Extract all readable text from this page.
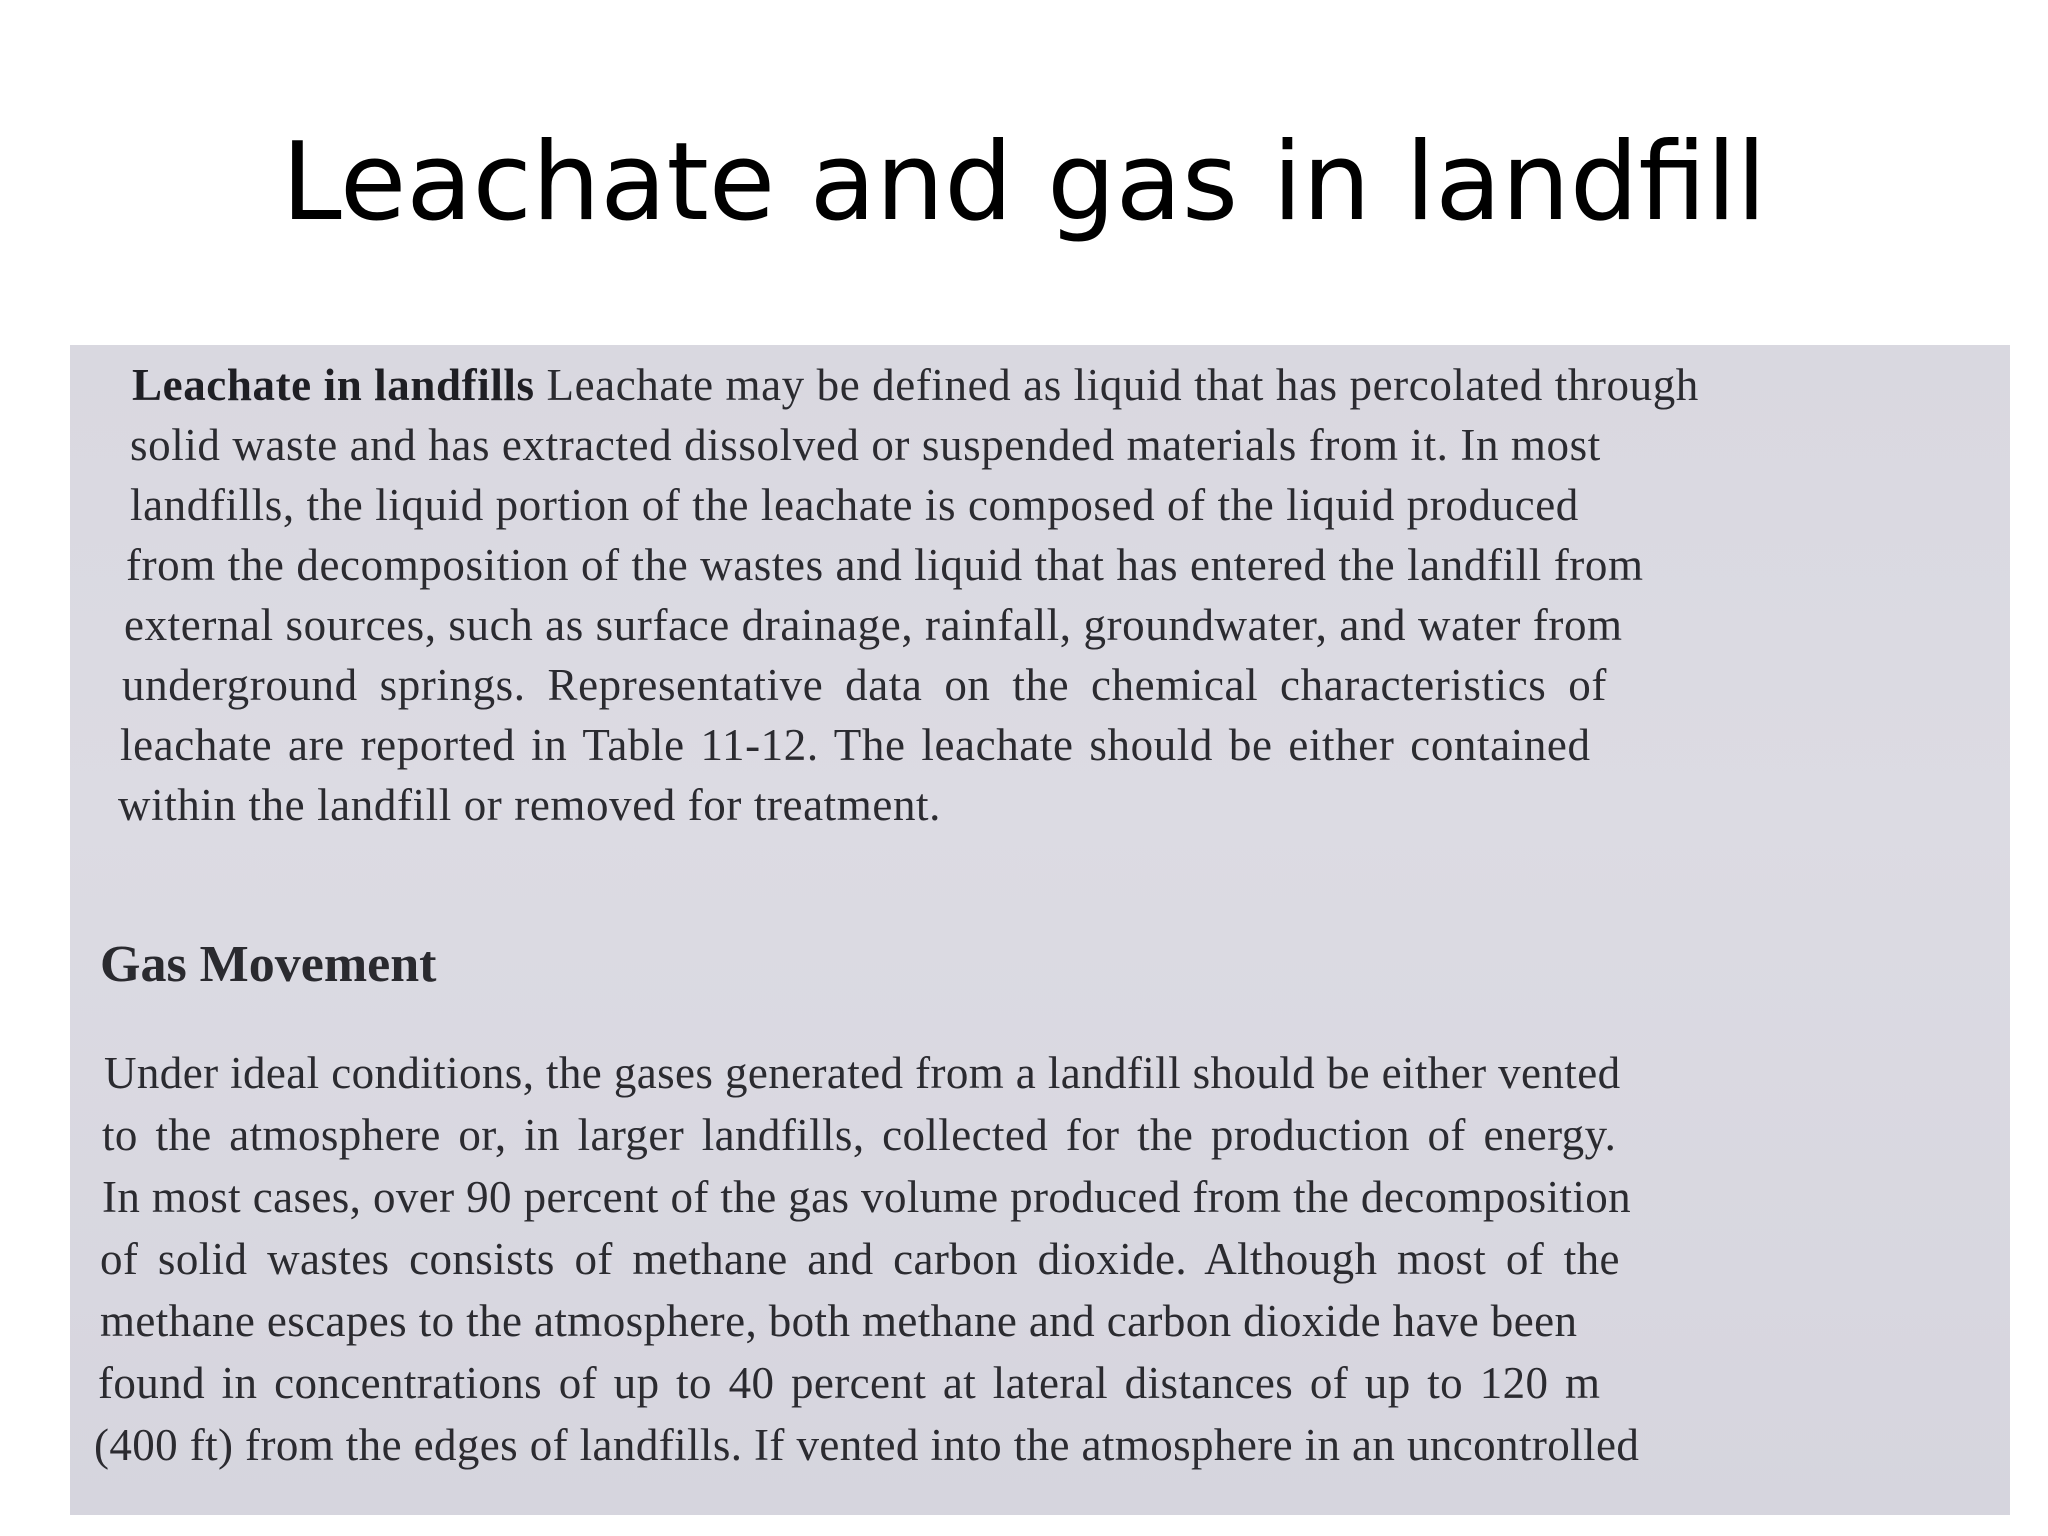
Leachate and gas in landfill
Leachate in landfills Leachate may be defined as liquid that has percolated through
solid waste and has extracted dissolved or suspended materials from it. In most
landfills, the liquid portion of the leachate is composed of the liquid produced
from the decomposition of the wastes and liquid that has entered the landfill from
external sources, such as surface drainage, rainfall, groundwater, and water from
underground springs. Representative data on the chemical characteristics of
leachate are reported in Table 11-12. The leachate should be either contained
within the landfill or removed for treatment.
Gas Movement
Under ideal conditions, the gases generated from a landfill should be either vented
to the atmosphere or, in larger landfills, collected for the production of energy.
In most cases, over 90 percent of the gas volume produced from the decomposition
of solid wastes consists of methane and carbon dioxide. Although most of the
methane escapes to the atmosphere, both methane and carbon dioxide have been
found in concentrations of up to 40 percent at lateral distances of up to 120 m
(400 ft) from the edges of landfills. If vented into the atmosphere in an uncontrolled
